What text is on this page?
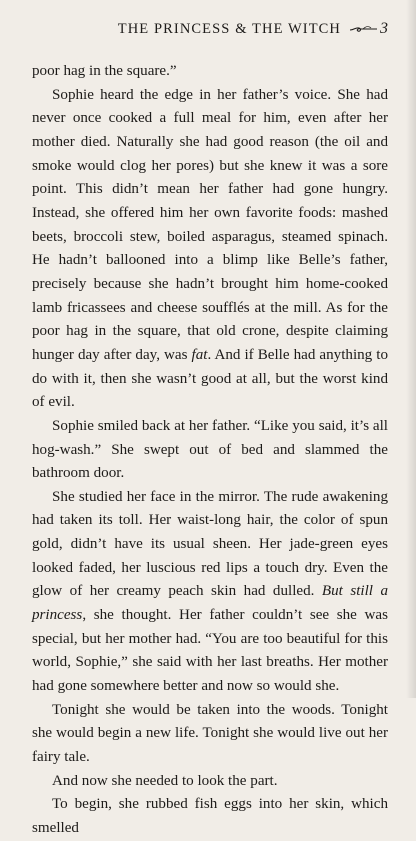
THE PRINCESS & THE WITCH 3

poor hag in the square.”

Sophie heard the edge in her father’s voice. She had never once cooked a full meal for him, even after her mother died. Naturally she had good reason (the oil and smoke would clog her pores) but she knew it was a sore point. This didn’t mean her father had gone hungry. Instead, she offered him her own favorite foods: mashed beets, broccoli stew, boiled asparagus, steamed spinach. He hadn’t ballooned into a blimp like Belle’s father, precisely because she hadn’t brought him home-cooked lamb fricassees and cheese soufflés at the mill. As for the poor hag in the square, that old crone, despite claiming hunger day after day, was fat. And if Belle had anything to do with it, then she wasn’t good at all, but the worst kind of evil.

Sophie smiled back at her father. “Like you said, it’s all hog-wash.” She swept out of bed and slammed the bathroom door.

She studied her face in the mirror. The rude awakening had taken its toll. Her waist-long hair, the color of spun gold, didn’t have its usual sheen. Her jade-green eyes looked faded, her luscious red lips a touch dry. Even the glow of her creamy peach skin had dulled. But still a princess, she thought. Her father couldn’t see she was special, but her mother had. “You are too beautiful for this world, Sophie,” she said with her last breaths. Her mother had gone somewhere better and now so would she.

Tonight she would be taken into the woods. Tonight she would begin a new life. Tonight she would live out her fairy tale.

And now she needed to look the part.

To begin, she rubbed fish eggs into her skin, which smelled
